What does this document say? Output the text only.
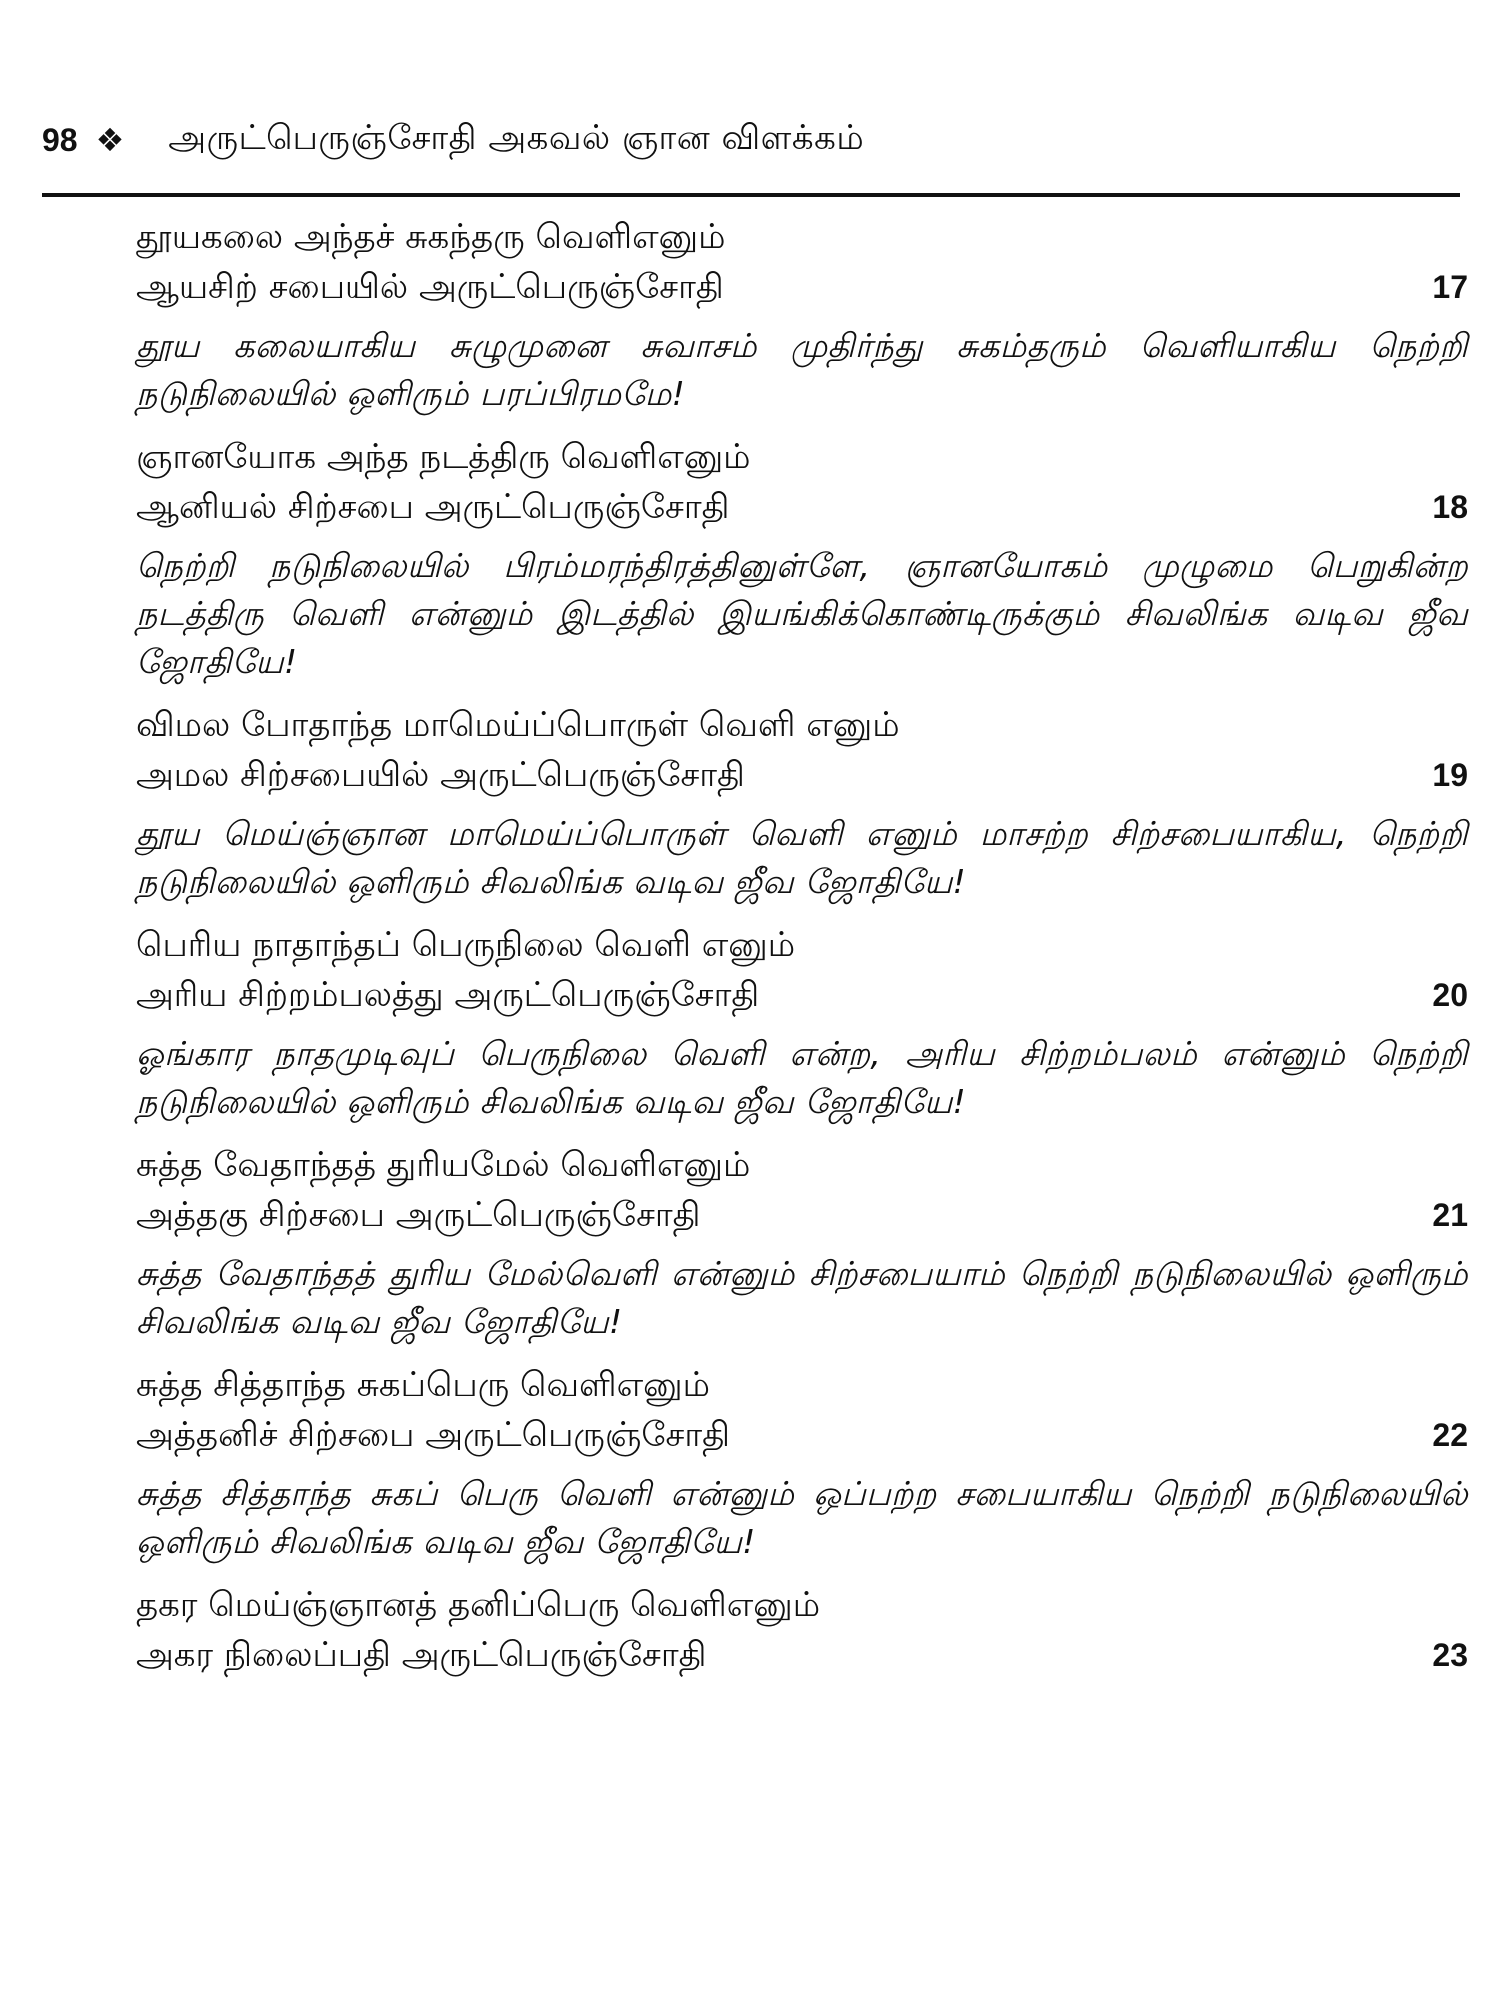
98 ❖ அருட்பெருஞ்சோதி அகவல் ஞான விளக்கம்
தூயகலை அந்தச் சுகந்தரு வெளிஎனும்
ஆயசிற் சபையில் அருட்பெருஞ்சோதி	17
தூய கலையாகிய சுழுமுனை சுவாசம் முதிர்ந்து சுகம்தரும் வெளியாகிய நெற்றி நடுநிலையில் ஒளிரும் பரப்பிரமமே!
ஞானயோக அந்த நடத்திரு வெளிஎனும்
ஆனியல் சிற்சபை அருட்பெருஞ்சோதி	18
நெற்றி நடுநிலையில் பிரம்மரந்திரத்தினுள்ளே, ஞானயோகம் முழுமை பெறுகின்ற நடத்திரு வெளி என்னும் இடத்தில் இயங்கிக்கொண்டிருக்கும் சிவலிங்க வடிவ ஜீவ ஜோதியே!
விமல போதாந்த மாமெய்ப்பொருள் வெளி எனும்
அமல சிற்சபையில் அருட்பெருஞ்சோதி	19
தூய மெய்ஞ்ஞான மாமெய்ப்பொருள் வெளி எனும் மாசற்ற சிற்சபையாகிய, நெற்றி நடுநிலையில் ஒளிரும் சிவலிங்க வடிவ ஜீவ ஜோதியே!
பெரிய நாதாந்தப் பெருநிலை வெளி எனும்
அரிய சிற்றம்பலத்து அருட்பெருஞ்சோதி	20
ஓங்கார நாதமுடிவுப் பெருநிலை வெளி என்ற, அரிய சிற்றம்பலம் என்னும் நெற்றி நடுநிலையில் ஒளிரும் சிவலிங்க வடிவ ஜீவ ஜோதியே!
சுத்த வேதாந்தத் துரியமேல் வெளிஎனும்
அத்தகு சிற்சபை அருட்பெருஞ்சோதி	21
சுத்த வேதாந்தத் துரிய மேல்வெளி என்னும் சிற்சபையாம் நெற்றி நடுநிலையில் ஒளிரும் சிவலிங்க வடிவ ஜீவ ஜோதியே!
சுத்த சித்தாந்த சுகப்பெரு வெளிஎனும்
அத்தனிச் சிற்சபை அருட்பெருஞ்சோதி	22
சுத்த சித்தாந்த சுகப் பெரு வெளி என்னும் ஒப்பற்ற சபையாகிய நெற்றி நடுநிலையில் ஒளிரும் சிவலிங்க வடிவ ஜீவ ஜோதியே!
தகர மெய்ஞ்ஞானத் தனிப்பெரு வெளிஎனும்
அகர நிலைப்பதி அருட்பெருஞ்சோதி	23
